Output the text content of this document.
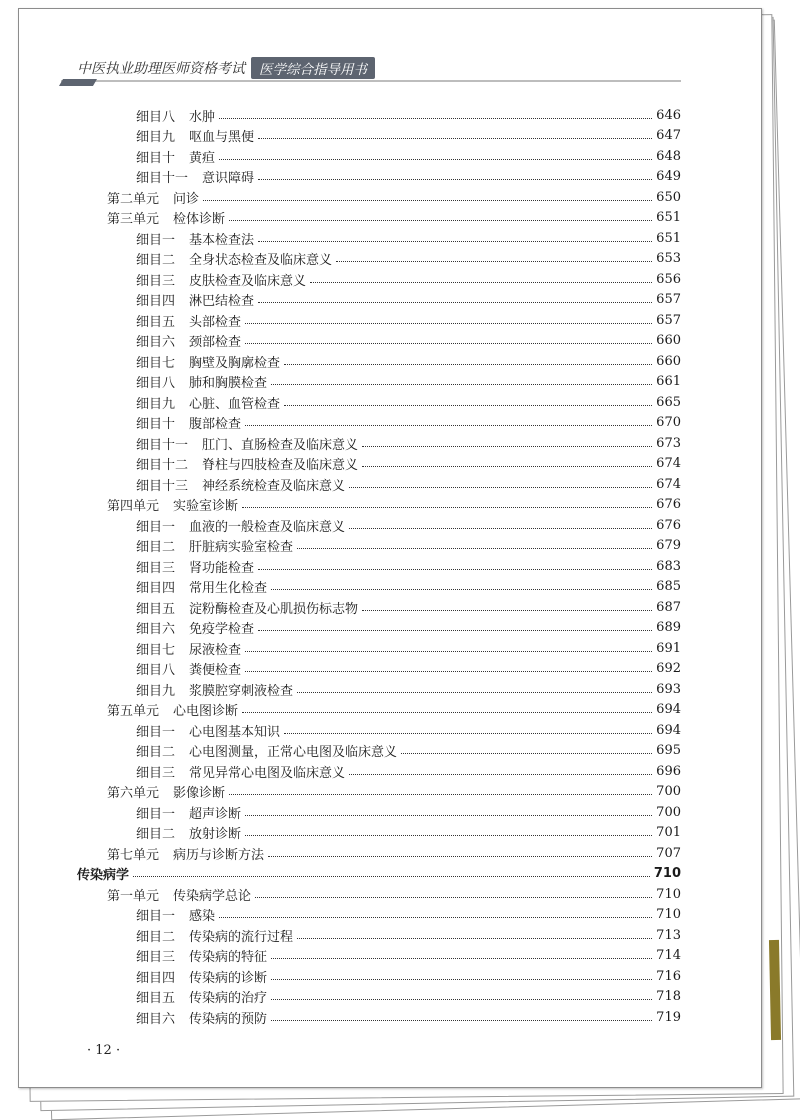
中医执业助理医师资格考试	医学综合指导用书
细目八 水肿	646
细目九 呕血与黑便	647
细目十 黄疸	648
细目十一 意识障碍	649
第二单元 问诊	650
第三单元 检体诊断	651
细目一 基本检查法	651
细目二 全身状态检查及临床意义	653
细目三 皮肤检查及临床意义	656
细目四 淋巴结检查	657
细目五 头部检查	657
细目六 颈部检查	660
细目七 胸壁及胸廓检查	660
细目八 肺和胸膜检查	661
细目九 心脏、血管检查	665
细目十 腹部检查	670
细目十一 肛门、直肠检查及临床意义	673
细目十二 脊柱与四肢检查及临床意义	674
细目十三 神经系统检查及临床意义	674
第四单元 实验室诊断	676
细目一 血液的一般检查及临床意义	676
细目二 肝脏病实验室检查	679
细目三 肾功能检查	683
细目四 常用生化检查	685
细目五 淀粉酶检查及心肌损伤标志物	687
细目六 免疫学检查	689
细目七 尿液检查	691
细目八 粪便检查	692
细目九 浆膜腔穿刺液检查	693
第五单元 心电图诊断	694
细目一 心电图基本知识	694
细目二 心电图测量，正常心电图及临床意义	695
细目三 常见异常心电图及临床意义	696
第六单元 影像诊断	700
细目一 超声诊断	700
细目二 放射诊断	701
第七单元 病历与诊断方法	707
传染病学	710
第一单元 传染病学总论	710
细目一 感染	710
细目二 传染病的流行过程	713
细目三 传染病的特征	714
细目四 传染病的诊断	716
细目五 传染病的治疗	718
细目六 传染病的预防	719
· 12 ·
